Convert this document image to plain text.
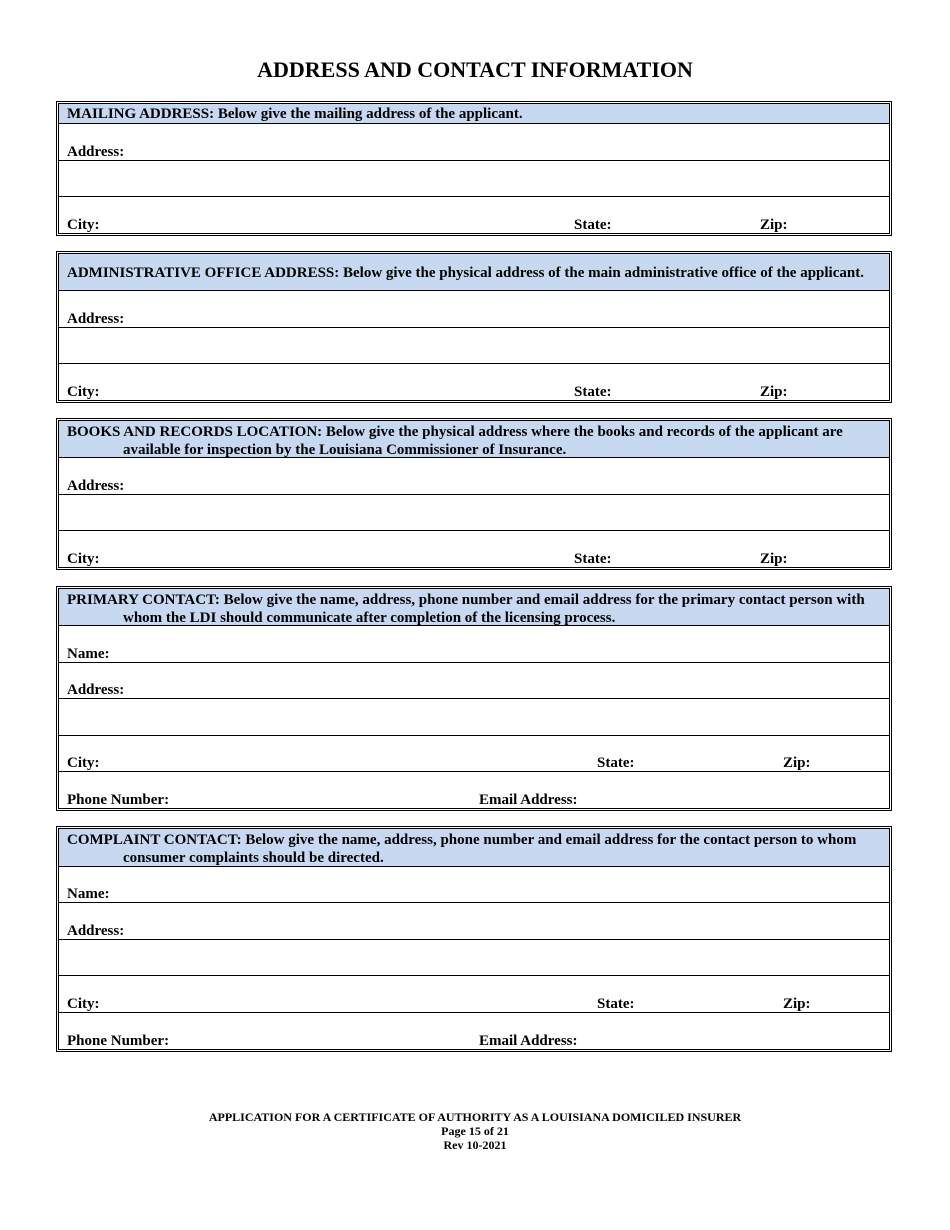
ADDRESS AND CONTACT INFORMATION
MAILING ADDRESS: Below give the mailing address of the applicant.
Address:
City:	State:	Zip:
ADMINISTRATIVE OFFICE ADDRESS: Below give the physical address of the main administrative office of the applicant.
Address:
City:	State:	Zip:
BOOKS AND RECORDS LOCATION: Below give the physical address where the books and records of the applicant are available for inspection by the Louisiana Commissioner of Insurance.
Address:
City:	State:	Zip:
PRIMARY CONTACT: Below give the name, address, phone number and email address for the primary contact person with whom the LDI should communicate after completion of the licensing process.
Name:
Address:
City:	State:	Zip:
Phone Number:	Email Address:
COMPLAINT CONTACT: Below give the name, address, phone number and email address for the contact person to whom consumer complaints should be directed.
Name:
Address:
City:	State:	Zip:
Phone Number:	Email Address:
APPLICATION FOR A CERTIFICATE OF AUTHORITY AS A LOUISIANA DOMICILED INSURER
Page 15 of 21
Rev 10-2021
